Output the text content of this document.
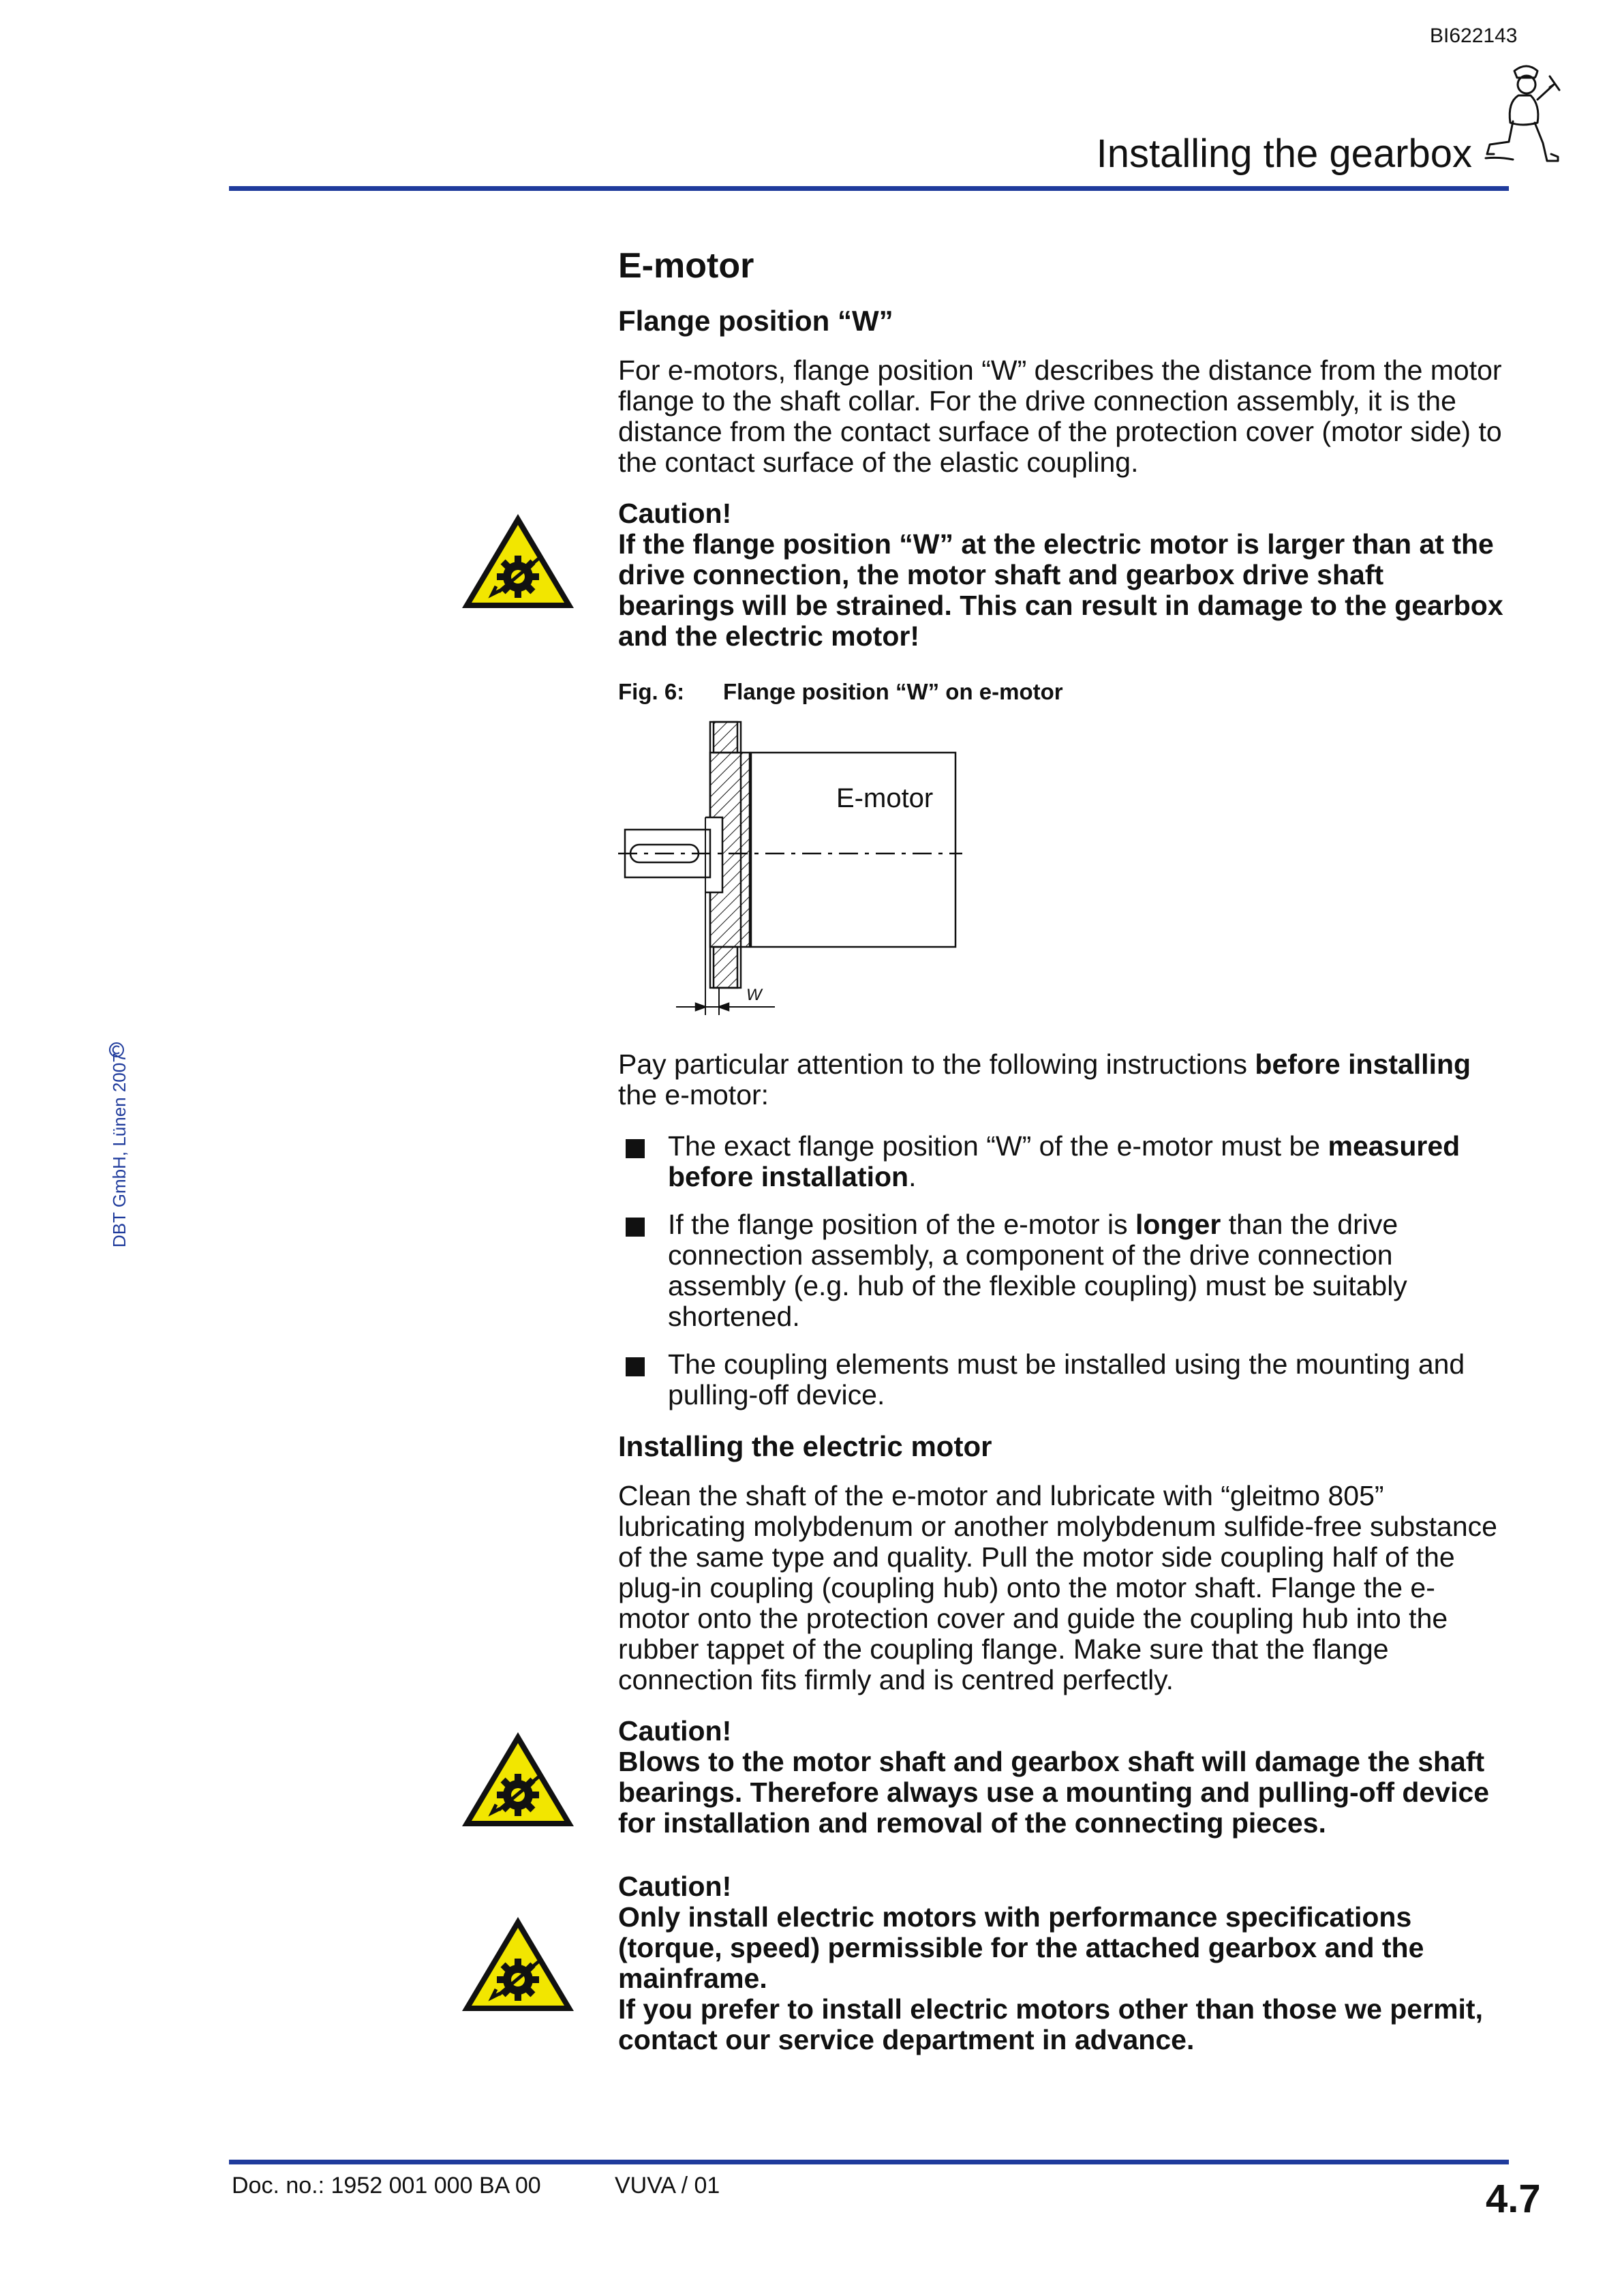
BI622143
Installing the gearbox
DBT GmbH, Lünen 2007
E-motor
Flange position “W”

For e-motors, flange position “W” describes the distance from the motor flange to the shaft collar. For the drive connection assembly, it is the distance from the contact surface of the protection cover (motor side) to the contact surface of the elastic coupling.

Caution!
If the flange position “W” at the electric motor is larger than at the drive connection, the motor shaft and gearbox drive shaft bearings will be strained. This can result in damage to the gearbox and the electric motor!
Fig. 6: Flange position “W” on e-motor
E-motor
W

Pay particular attention to the following instructions before installing the e-motor:

The exact flange position “W” of the e-motor must be measured before installation.
If the flange position of the e-motor is longer than the drive connection assembly, a component of the drive connection assembly (e.g. hub of the flexible coupling) must be suitably shortened.
The coupling elements must be installed using the mounting and pulling-off device.
Installing the electric motor

Clean the shaft of the e-motor and lubricate with “gleitmo 805” lubricating molybdenum or another molybdenum sulfide-free substance of the same type and quality. Pull the motor side coupling half of the plug-in coupling (coupling hub) onto the motor shaft. Flange the e-motor onto the protection cover and guide the coupling hub into the rubber tappet of the coupling flange. Make sure that the flange connection fits firmly and is centred perfectly.

Caution!
Blows to the motor shaft and gearbox shaft will damage the shaft bearings. Therefore always use a mounting and pulling-off device for installation and removal of the connecting pieces.
Caution!
Only install electric motors with performance specifications (torque, speed) permissible for the attached gearbox and the mainframe.
If you prefer to install electric motors other than those we permit, contact our service department in advance.
Doc. no.: 1952 001 000 BA 00	VUVA / 01	4.7
